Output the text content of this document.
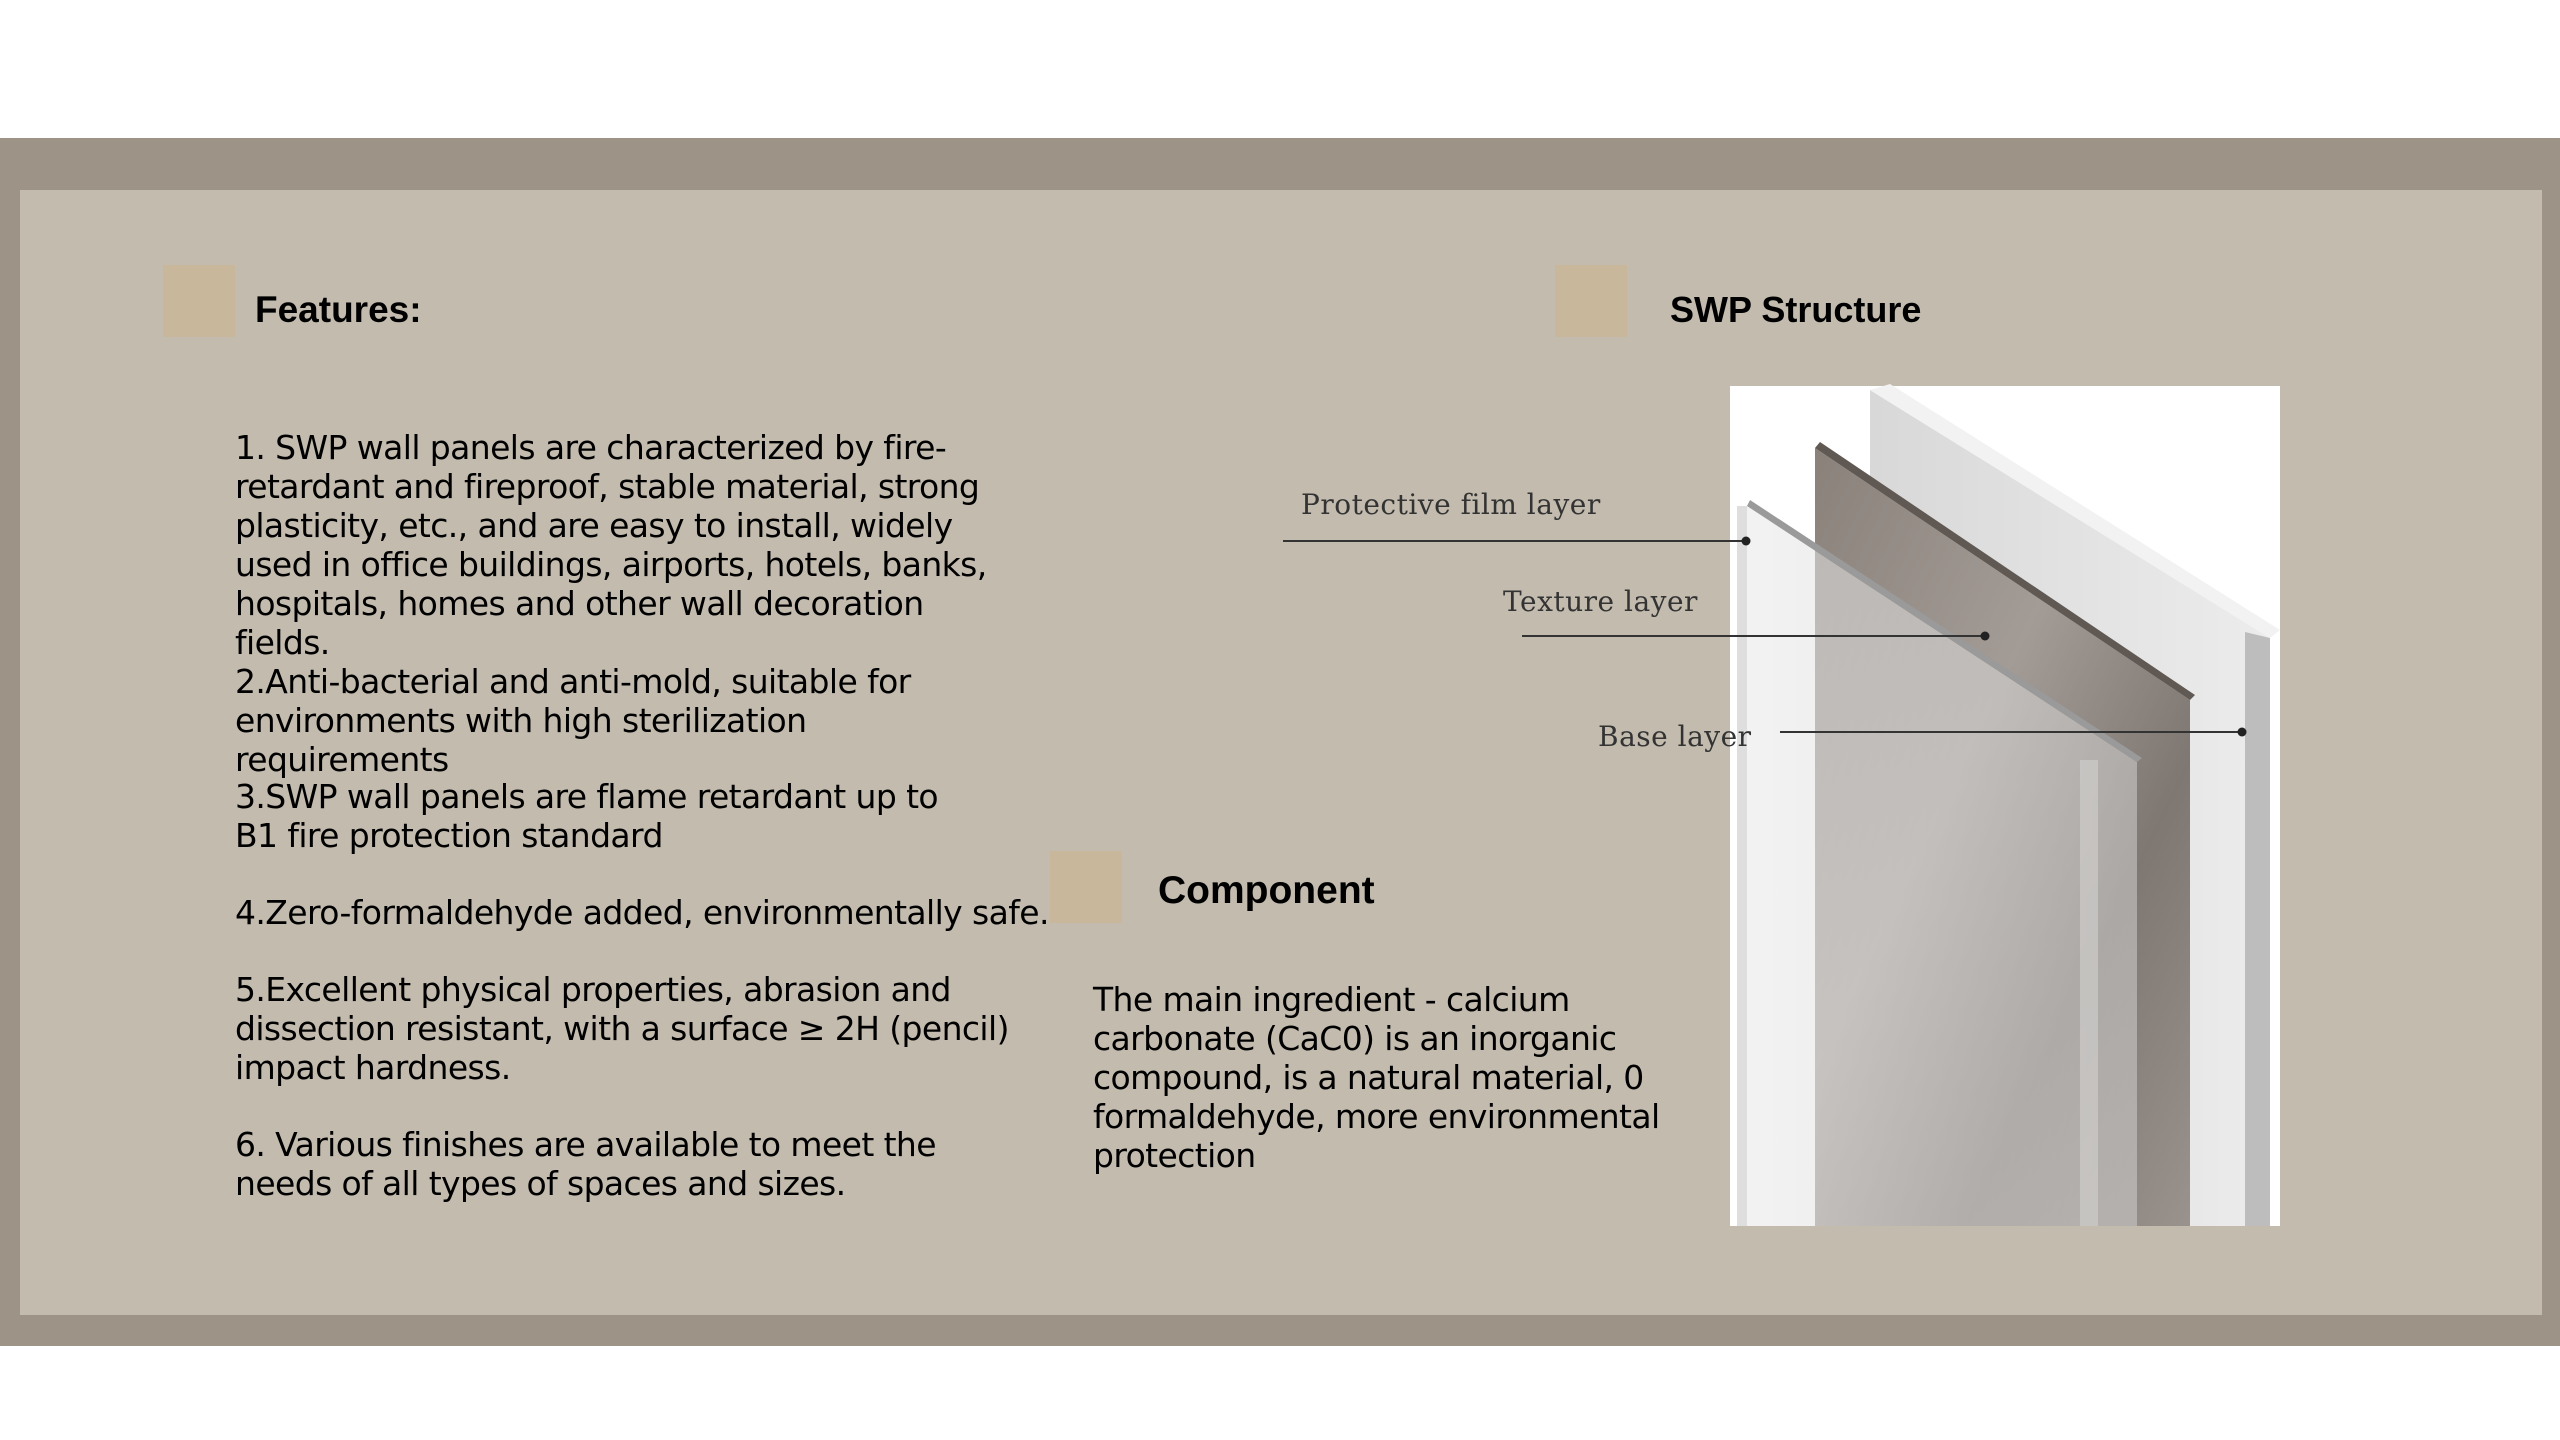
Features:

1. SWP wall panels are characterized by fire-retardant and fireproof, stable material, strong plasticity, etc., and are easy to install, widely used in office buildings, airports, hotels, banks, hospitals, homes and other wall decoration fields.

2.Anti-bacterial and anti-mold, suitable for environments with high sterilization requirements

3.SWP wall panels are flame retardant up to B1 fire protection standard

4.Zero-formaldehyde added, environmentally safe.

5.Excellent physical properties, abrasion and dissection resistant, with a surface ≥ 2H (pencil) impact hardness.

6. Various finishes are available to meet the needs of all types of spaces and sizes.

SWP Structure
Component

The main ingredient - calcium carbonate (CaC0) is an inorganic compound, is a natural material, 0 formaldehyde, more environmental protection

Protective film layer

Texture layer

Base layer
